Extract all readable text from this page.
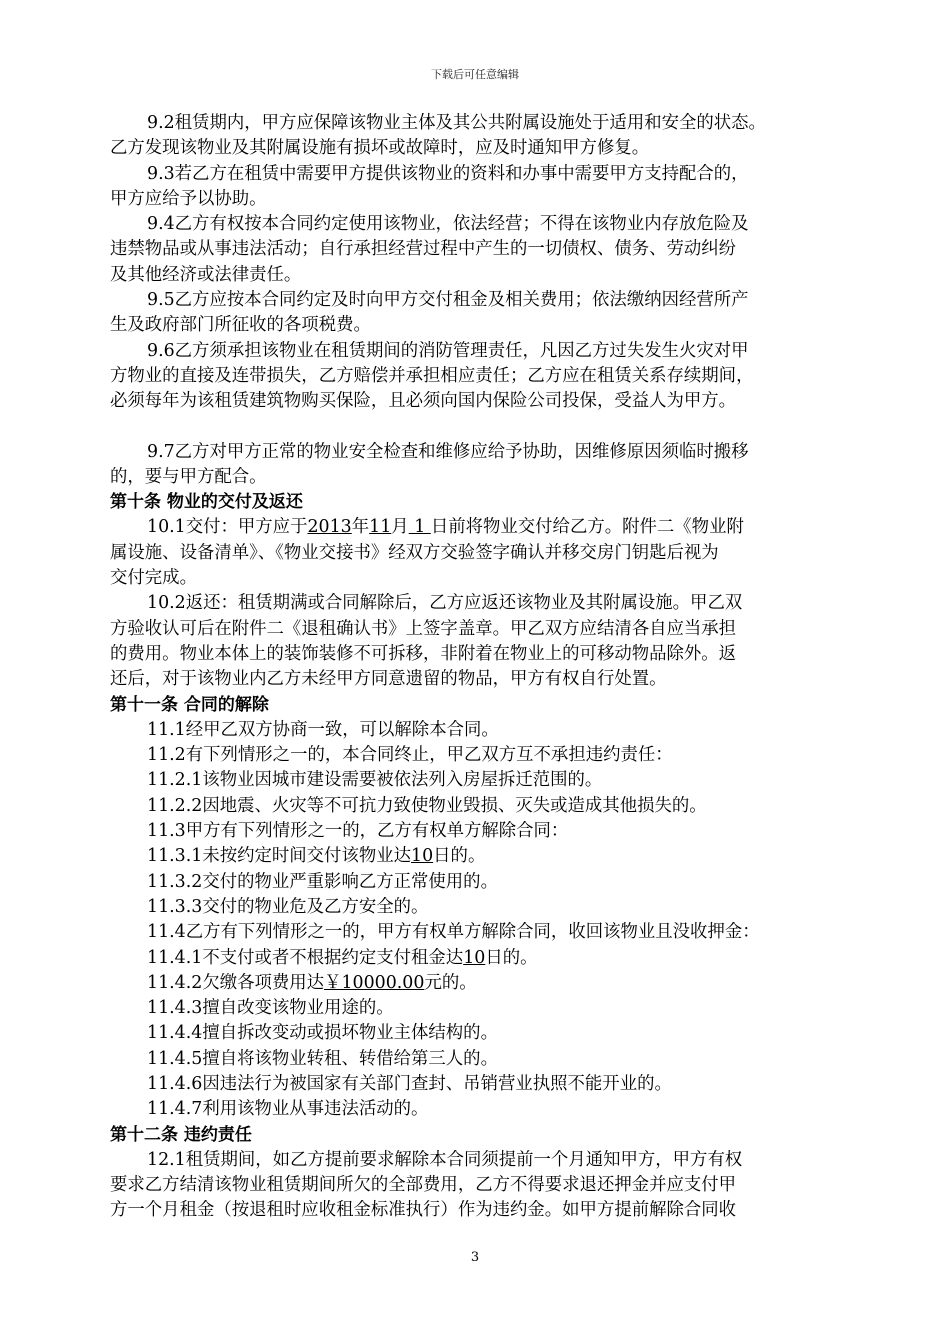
下载后可任意编辑

9.2租赁期内，甲方应保障该物业主体及其公共附属设施处于适用和安全的状态。

乙方发现该物业及其附属设施有损坏或故障时，应及时通知甲方修复。

9.3若乙方在租赁中需要甲方提供该物业的资料和办事中需要甲方支持配合的，

甲方应给予以协助。

9.4乙方有权按本合同约定使用该物业，依法经营；不得在该物业内存放危险及

违禁物品或从事违法活动；自行承担经营过程中产生的一切债权、债务、劳动纠纷

及其他经济或法律责任。

9.5乙方应按本合同约定及时向甲方交付租金及相关费用；依法缴纳因经营所产

生及政府部门所征收的各项税费。

9.6乙方须承担该物业在租赁期间的消防管理责任，凡因乙方过失发生火灾对甲

方物业的直接及连带损失，乙方赔偿并承担相应责任；乙方应在租赁关系存续期间，

必须每年为该租赁建筑物购买保险，且必须向国内保险公司投保，受益人为甲方。

9.7乙方对甲方正常的物业安全检查和维修应给予协助，因维修原因须临时搬移

的，要与甲方配合。

第十条 物业的交付及返还

10.1交付：甲方应于2013年11月 1 日前将物业交付给乙方。附件二《物业附

属设施、设备清单》、《物业交接书》经双方交验签字确认并移交房门钥匙后视为

交付完成。

10.2返还：租赁期满或合同解除后，乙方应返还该物业及其附属设施。甲乙双

方验收认可后在附件二《退租确认书》上签字盖章。甲乙双方应结清各自应当承担

的费用。物业本体上的装饰装修不可拆移，非附着在物业上的可移动物品除外。返

还后，对于该物业内乙方未经甲方同意遗留的物品，甲方有权自行处置。

第十一条 合同的解除

11.1经甲乙双方协商一致，可以解除本合同。

11.2有下列情形之一的，本合同终止，甲乙双方互不承担违约责任：

11.2.1该物业因城市建设需要被依法列入房屋拆迁范围的。

11.2.2因地震、火灾等不可抗力致使物业毁损、灭失或造成其他损失的。

11.3甲方有下列情形之一的，乙方有权单方解除合同：

11.3.1未按约定时间交付该物业达10日的。

11.3.2交付的物业严重影响乙方正常使用的。

11.3.3交付的物业危及乙方安全的。

11.4乙方有下列情形之一的，甲方有权单方解除合同，收回该物业且没收押金：

11.4.1不支付或者不根据约定支付租金达10日的。

11.4.2欠缴各项费用达￥10000.00元的。

11.4.3擅自改变该物业用途的。

11.4.4擅自拆改变动或损坏物业主体结构的。

11.4.5擅自将该物业转租、转借给第三人的。

11.4.6因违法行为被国家有关部门查封、吊销营业执照不能开业的。

11.4.7利用该物业从事违法活动的。

第十二条 违约责任

12.1租赁期间，如乙方提前要求解除本合同须提前一个月通知甲方，甲方有权

要求乙方结清该物业租赁期间所欠的全部费用，乙方不得要求退还押金并应支付甲

方一个月租金（按退租时应收租金标准执行）作为违约金。如甲方提前解除合同收

3
